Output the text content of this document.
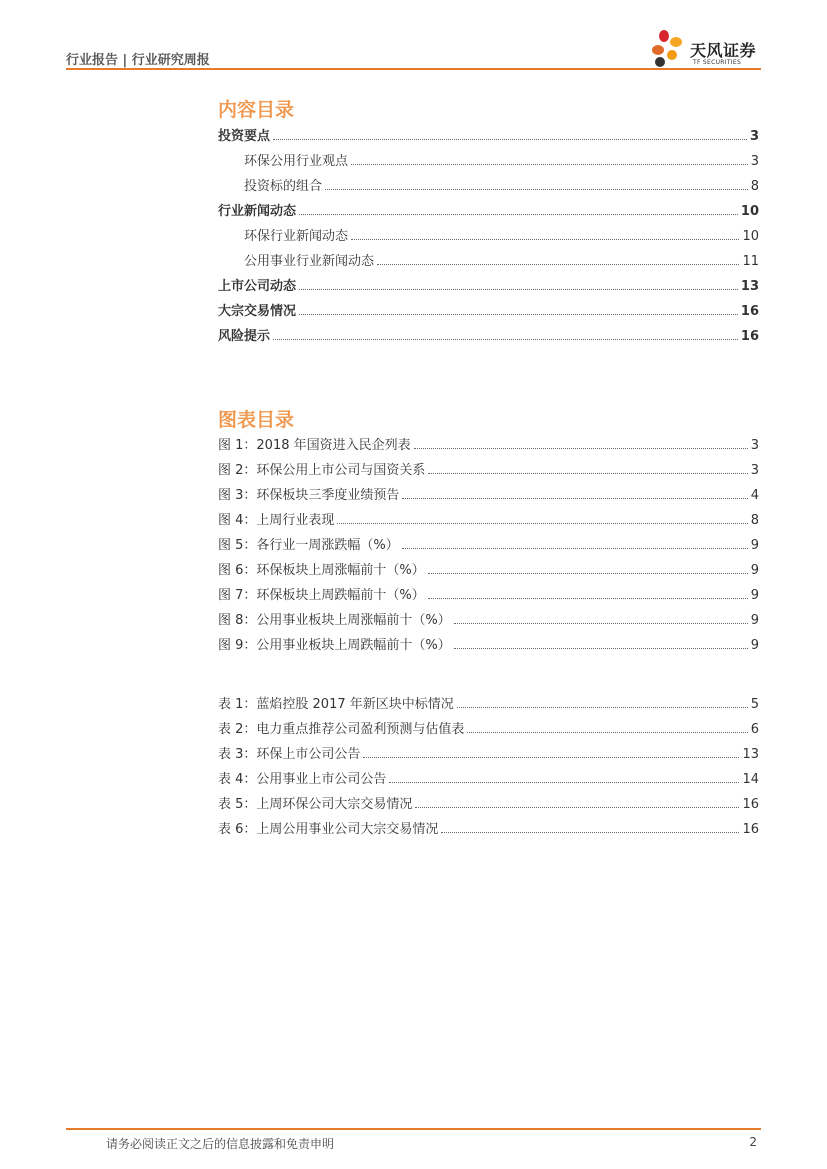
行业报告 | 行业研究周报
天风证券
TF SECURITIES
内容目录
投资要点	3
环保公用行业观点	3
投资标的组合	8
行业新闻动态	10
环保行业新闻动态	10
公用事业行业新闻动态	11
上市公司动态	13
大宗交易情况	16
风险提示	16
图表目录
图 1：2018 年国资进入民企列表	3
图 2：环保公用上市公司与国资关系	3
图 3：环保板块三季度业绩预告	4
图 4：上周行业表现	8
图 5：各行业一周涨跌幅（%）	9
图 6：环保板块上周涨幅前十（%）	9
图 7：环保板块上周跌幅前十（%）	9
图 8：公用事业板块上周涨幅前十（%）	9
图 9：公用事业板块上周跌幅前十（%）	9
表 1：蓝焰控股 2017 年新区块中标情况	5
表 2：电力重点推荐公司盈利预测与估值表	6
表 3：环保上市公司公告	13
表 4：公用事业上市公司公告	14
表 5：上周环保公司大宗交易情况	16
表 6：上周公用事业公司大宗交易情况	16
请务必阅读正文之后的信息披露和免责申明	2
